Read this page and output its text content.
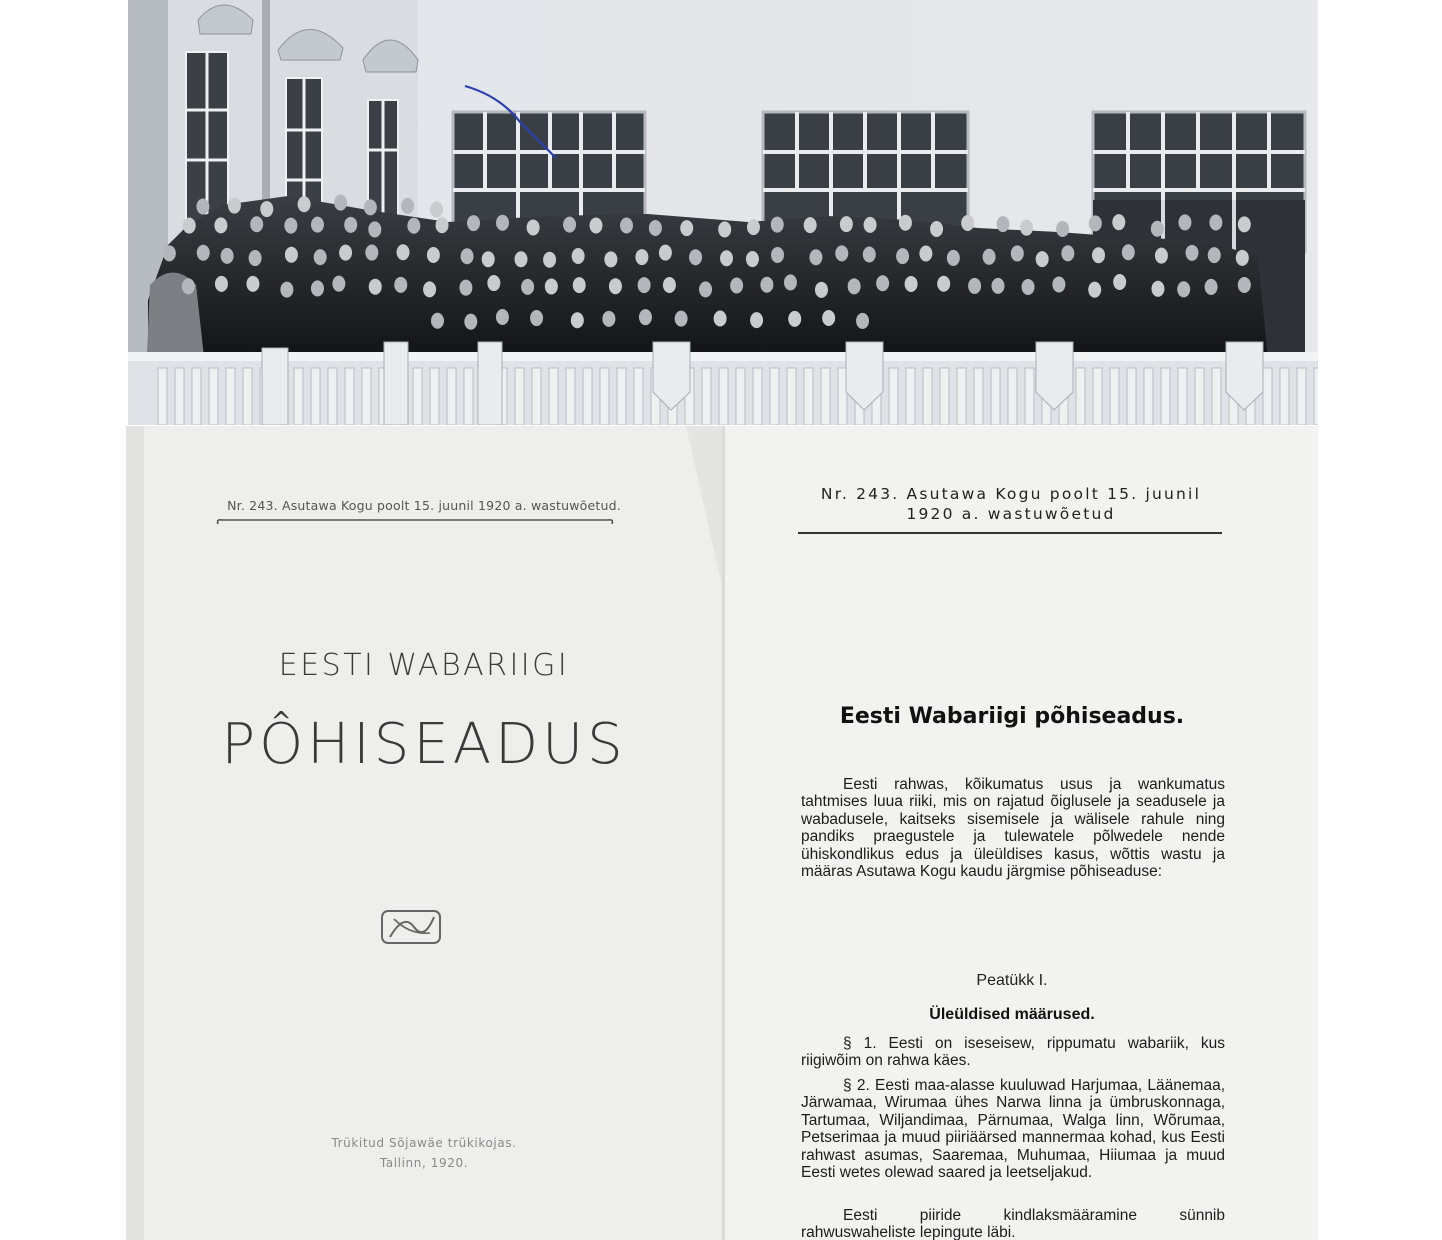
Nr. 243. Asutawa Kogu poolt 15. juunil 1920 a. wastuwõetud.
EESTI WABARIIGI
PÔHISEADUS
Trükitud Sõjawäe trükikojas.
Tallinn, 1920.
Nr. 243. Asutawa Kogu poolt 15. juunil
1920 a. wastuwõetud
Eesti Wabariigi põhiseadus.
Eesti rahwas, kõikumatus usus ja wankumatus tahtmises luua riiki, mis on rajatud õiglusele ja seadusele ja wabadusele, kaitseks sisemisele ja wälisele rahule ning pandiks praegustele ja tulewatele põlwedele nende ühiskondlikus edus ja üleüldises kasus, wõttis wastu ja määras Asutawa Kogu kaudu järgmise põhiseaduse:
Peatükk I.
Üleüldised määrused.
§ 1. Eesti on iseseisew, rippumatu wabariik, kus riigiwõim on rahwa käes.
§ 2. Eesti maa-alasse kuuluwad Harjumaa, Läänemaa, Järwamaa, Wirumaa ühes Narwa linna ja ümbruskonnaga, Tartumaa, Wiljandimaa, Pärnumaa, Walga linn, Wõrumaa, Petserimaa ja muud piiriäärsed mannermaa kohad, kus Eesti rahwast asumas, Saaremaa, Muhumaa, Hiiumaa ja muud Eesti wetes olewad saared ja leetseljakud.
Eesti piiride kindlaksmääramine sünnib rahwuswaheliste lepingute läbi.
